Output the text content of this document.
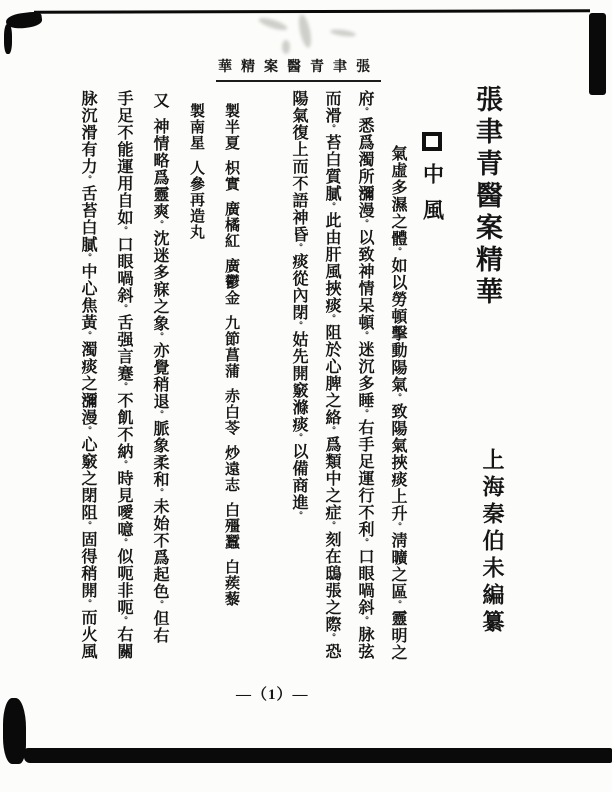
華精案醫青聿張
張聿青醫案精華
上海秦伯未編纂
中風
氣虛多濕之體。如以勞頓擊動陽氣。致陽氣挾痰上升。淸曠之區。靈明之
府。悉爲濁所瀰漫。以致神情呆頓。迷沉多睡。右手足運行不利。口眼喎斜。脉弦
而滑。苔白質膩。此由肝風挾痰。阻於心脾之絡。爲類中之症。刻在鴟張之際。恐
陽氣復上而不語神昏。痰從內閉。姑先開竅滌痰。以備商進。
製半夏　枳實　廣橘紅　廣鬱金　九節菖蒲　赤白苓　炒遠志　白殭蠶　白蒺藜
製南星　人參再造丸
又　神情略爲靈爽。沈迷多寐之象。亦覺稍退。脈象柔和。未始不爲起色。但右
手足不能運用自如。口眼喎斜。舌强言蹇。不飢不納。時見噯噫。似呃非呃。右關
脉沉滑有力。舌苔白膩。中心焦黃。濁痰之瀰漫。心竅之閉阻。固得稍開。而火風
—（1）—
